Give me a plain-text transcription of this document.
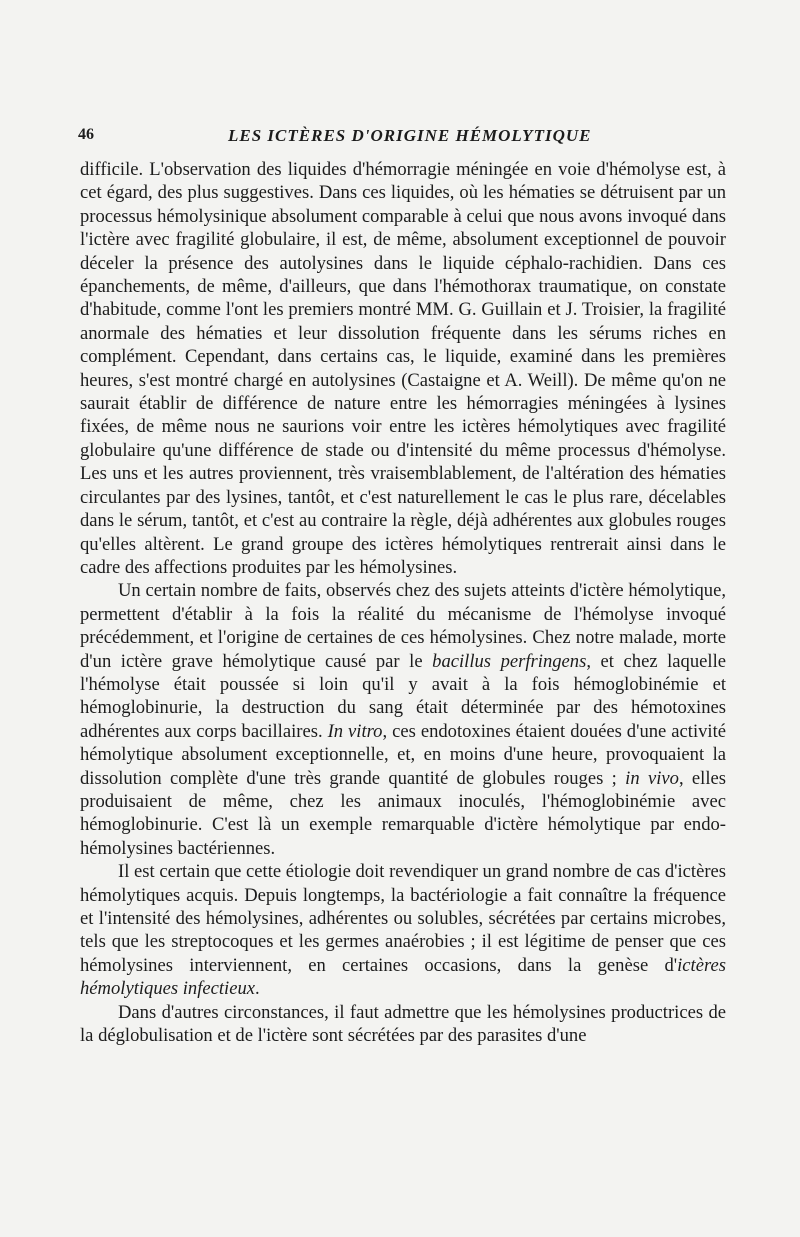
46	LES ICTÈRES D'ORIGINE HÉMOLYTIQUE

difficile. L'observation des liquides d'hémorragie méningée en voie d'hémolyse est, à cet égard, des plus suggestives. Dans ces liquides, où les hématies se détruisent par un processus hémolysinique absolument comparable à celui que nous avons invoqué dans l'ictère avec fragilité globulaire, il est, de même, absolument exceptionnel de pouvoir déceler la présence des autolysines dans le liquide céphalo-rachidien. Dans ces épanchements, de même, d'ailleurs, que dans l'hémothorax traumatique, on constate d'habitude, comme l'ont les premiers montré MM. G. Guillain et J. Troisier, la fragilité anormale des hématies et leur dissolution fréquente dans les sérums riches en complément. Cependant, dans certains cas, le liquide, examiné dans les premières heures, s'est montré chargé en autolysines (Castaigne et A. Weill). De même qu'on ne saurait établir de différence de nature entre les hémorragies méningées à lysines fixées, de même nous ne saurions voir entre les ictères hémolytiques avec fragilité globulaire qu'une différence de stade ou d'intensité du même processus d'hémolyse. Les uns et les autres proviennent, très vraisemblablement, de l'altération des hématies circulantes par des lysines, tantôt, et c'est naturellement le cas le plus rare, décelables dans le sérum, tantôt, et c'est au contraire la règle, déjà adhérentes aux globules rouges qu'elles altèrent. Le grand groupe des ictères hémolytiques rentrerait ainsi dans le cadre des affections produites par les hémolysines.

Un certain nombre de faits, observés chez des sujets atteints d'ictère hémolytique, permettent d'établir à la fois la réalité du mécanisme de l'hémolyse invoqué précédemment, et l'origine de certaines de ces hémolysines. Chez notre malade, morte d'un ictère grave hémolytique causé par le bacillus perfringens, et chez laquelle l'hémolyse était poussée si loin qu'il y avait à la fois hémoglobinémie et hémoglobinurie, la destruction du sang était déterminée par des hémotoxines adhérentes aux corps bacillaires. In vitro, ces endotoxines étaient douées d'une activité hémolytique absolument exceptionnelle, et, en moins d'une heure, provoquaient la dissolution complète d'une très grande quantité de globules rouges ; in vivo, elles produisaient de même, chez les animaux inoculés, l'hémoglobinémie avec hémoglobinurie. C'est là un exemple remarquable d'ictère hémolytique par endo-hémolysines bactériennes.

Il est certain que cette étiologie doit revendiquer un grand nombre de cas d'ictères hémolytiques acquis. Depuis longtemps, la bactériologie a fait connaître la fréquence et l'intensité des hémolysines, adhérentes ou solubles, sécrétées par certains microbes, tels que les streptocoques et les germes anaérobies ; il est légitime de penser que ces hémolysines interviennent, en certaines occasions, dans la genèse d'ictères hémolytiques infectieux.

Dans d'autres circonstances, il faut admettre que les hémolysines productrices de la déglobulisation et de l'ictère sont sécrétées par des parasites d'une
